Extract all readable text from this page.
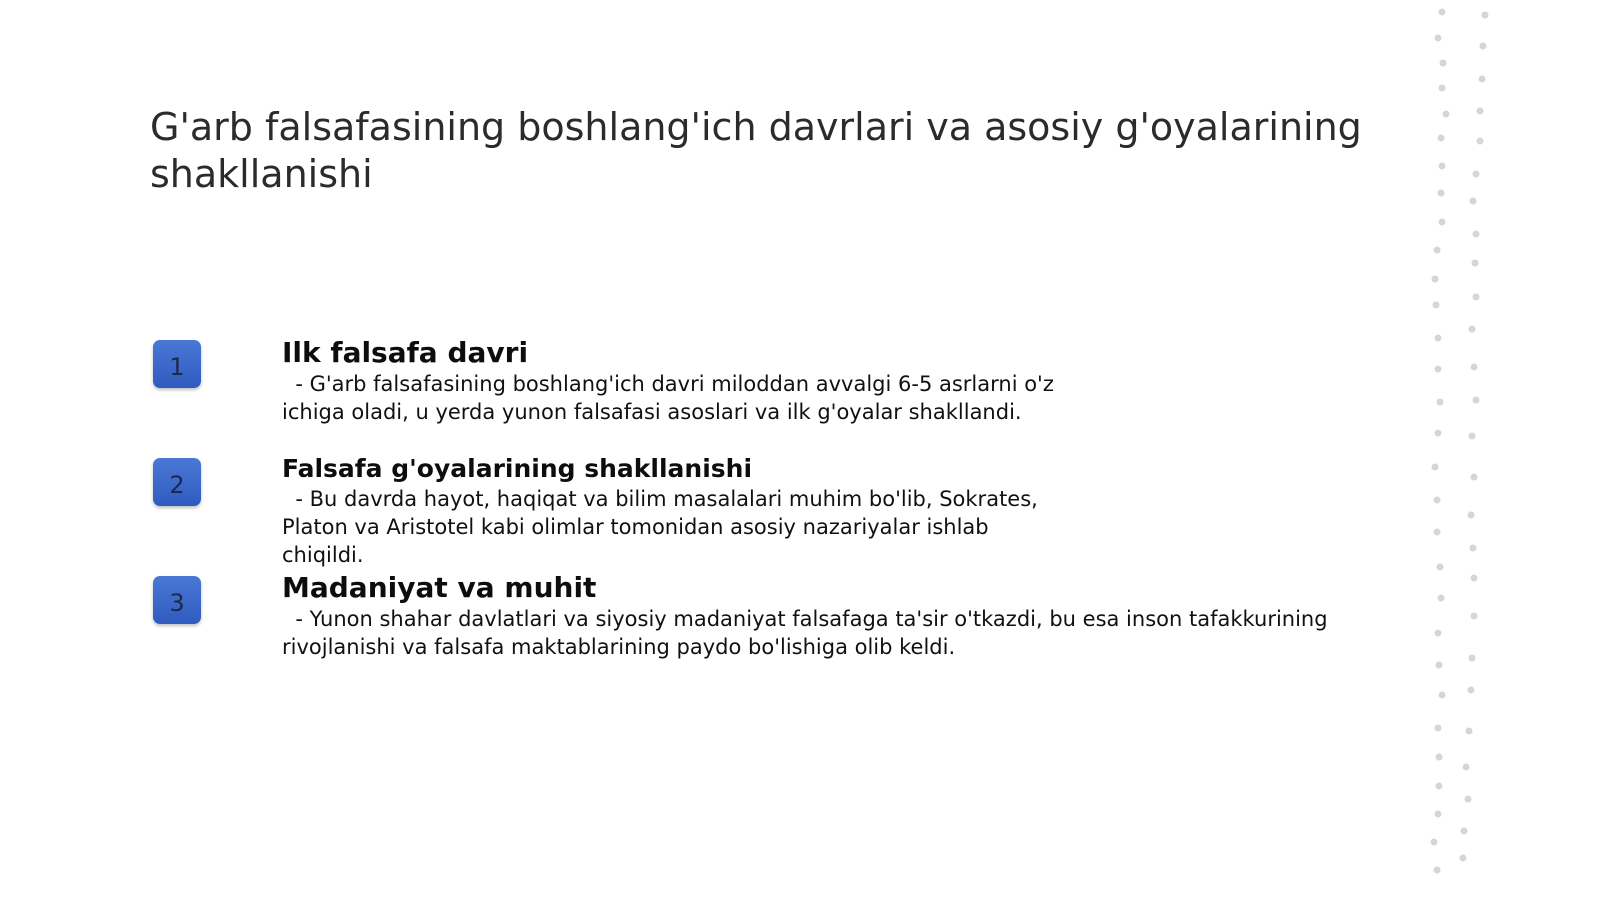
G'arb falsafasining boshlang'ich davrlari va asosiy g'oyalarining shakllanishi
1	Ilk falsafa davri

- G'arb falsafasining boshlang'ich davri miloddan avvalgi 6-5 asrlarni o'z ichiga oladi, u yerda yunon falsafasi asoslari va ilk g'oyalar shakllandi.

2

Falsafa g'oyalarining shakllanishi

- Bu davrda hayot, haqiqat va bilim masalalari muhim bo'lib, Sokrates, Platon va Aristotel kabi olimlar tomonidan asosiy nazariyalar ishlab chiqildi.

3	Madaniyat va muhit

- Yunon shahar davlatlari va siyosiy madaniyat falsafaga ta'sir o'tkazdi, bu esa inson tafakkurining rivojlanishi va falsafa maktablarining paydo bo'lishiga olib keldi.
